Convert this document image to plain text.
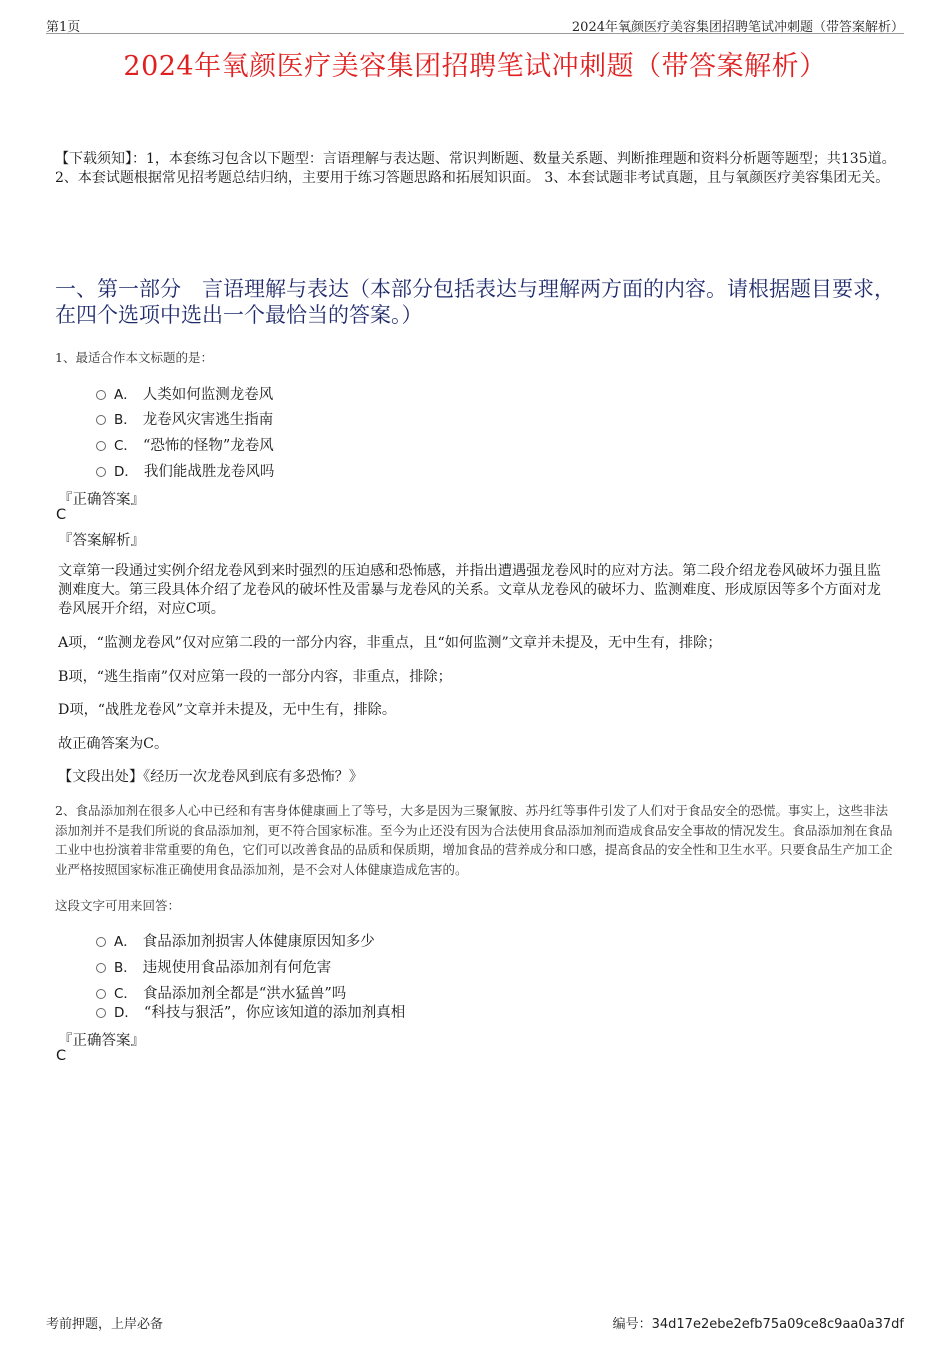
第1页	2024年氧颜医疗美容集团招聘笔试冲刺题（带答案解析）
2024年氧颜医疗美容集团招聘笔试冲刺题（带答案解析）
【下载须知】：1，本套练习包含以下题型：言语理解与表达题、常识判断题、数量关系题、判断推理题和资料分析题等题型；共135道。 2、本套试题根据常见招考题总结归纳，主要用于练习答题思路和拓展知识面。 3、本套试题非考试真题，且与氧颜医疗美容集团无关。
一、第一部分　言语理解与表达（本部分包括表达与理解两方面的内容。请根据题目要求，在四个选项中选出一个最恰当的答案。）
1、最适合作本文标题的是：
A． 人类如何监测龙卷风
B． 龙卷风灾害逃生指南
C． “恐怖的怪物”龙卷风
D． 我们能战胜龙卷风吗
『正确答案』
C
『答案解析』
文章第一段通过实例介绍龙卷风到来时强烈的压迫感和恐怖感，并指出遭遇强龙卷风时的应对方法。第二段介绍龙卷风破坏力强且监测难度大。第三段具体介绍了龙卷风的破坏性及雷暴与龙卷风的关系。文章从龙卷风的破坏力、监测难度、形成原因等多个方面对龙卷风展开介绍，对应C项。
A项，“监测龙卷风”仅对应第二段的一部分内容，非重点，且“如何监测”文章并未提及，无中生有，排除；
B项，“逃生指南”仅对应第一段的一部分内容，非重点，排除；
D项，“战胜龙卷风”文章并未提及，无中生有，排除。
故正确答案为C。
【文段出处】《经历一次龙卷风到底有多恐怖？》
2、食品添加剂在很多人心中已经和有害身体健康画上了等号，大多是因为三聚氰胺、苏丹红等事件引发了人们对于食品安全的恐慌。事实上，这些非法添加剂并不是我们所说的食品添加剂，更不符合国家标准。至今为止还没有因为合法使用食品添加剂而造成食品安全事故的情况发生。食品添加剂在食品工业中也扮演着非常重要的角色，它们可以改善食品的品质和保质期，增加食品的营养成分和口感，提高食品的安全性和卫生水平。只要食品生产加工企业严格按照国家标准正确使用食品添加剂，是不会对人体健康造成危害的。
这段文字可用来回答：
A． 食品添加剂损害人体健康原因知多少
B． 违规使用食品添加剂有何危害
C． 食品添加剂全都是“洪水猛兽”吗
D． “科技与狠活”，你应该知道的添加剂真相
『正确答案』
C
考前押题，上岸必备	编号：34d17e2ebe2efb75a09ce8c9aa0a37df
